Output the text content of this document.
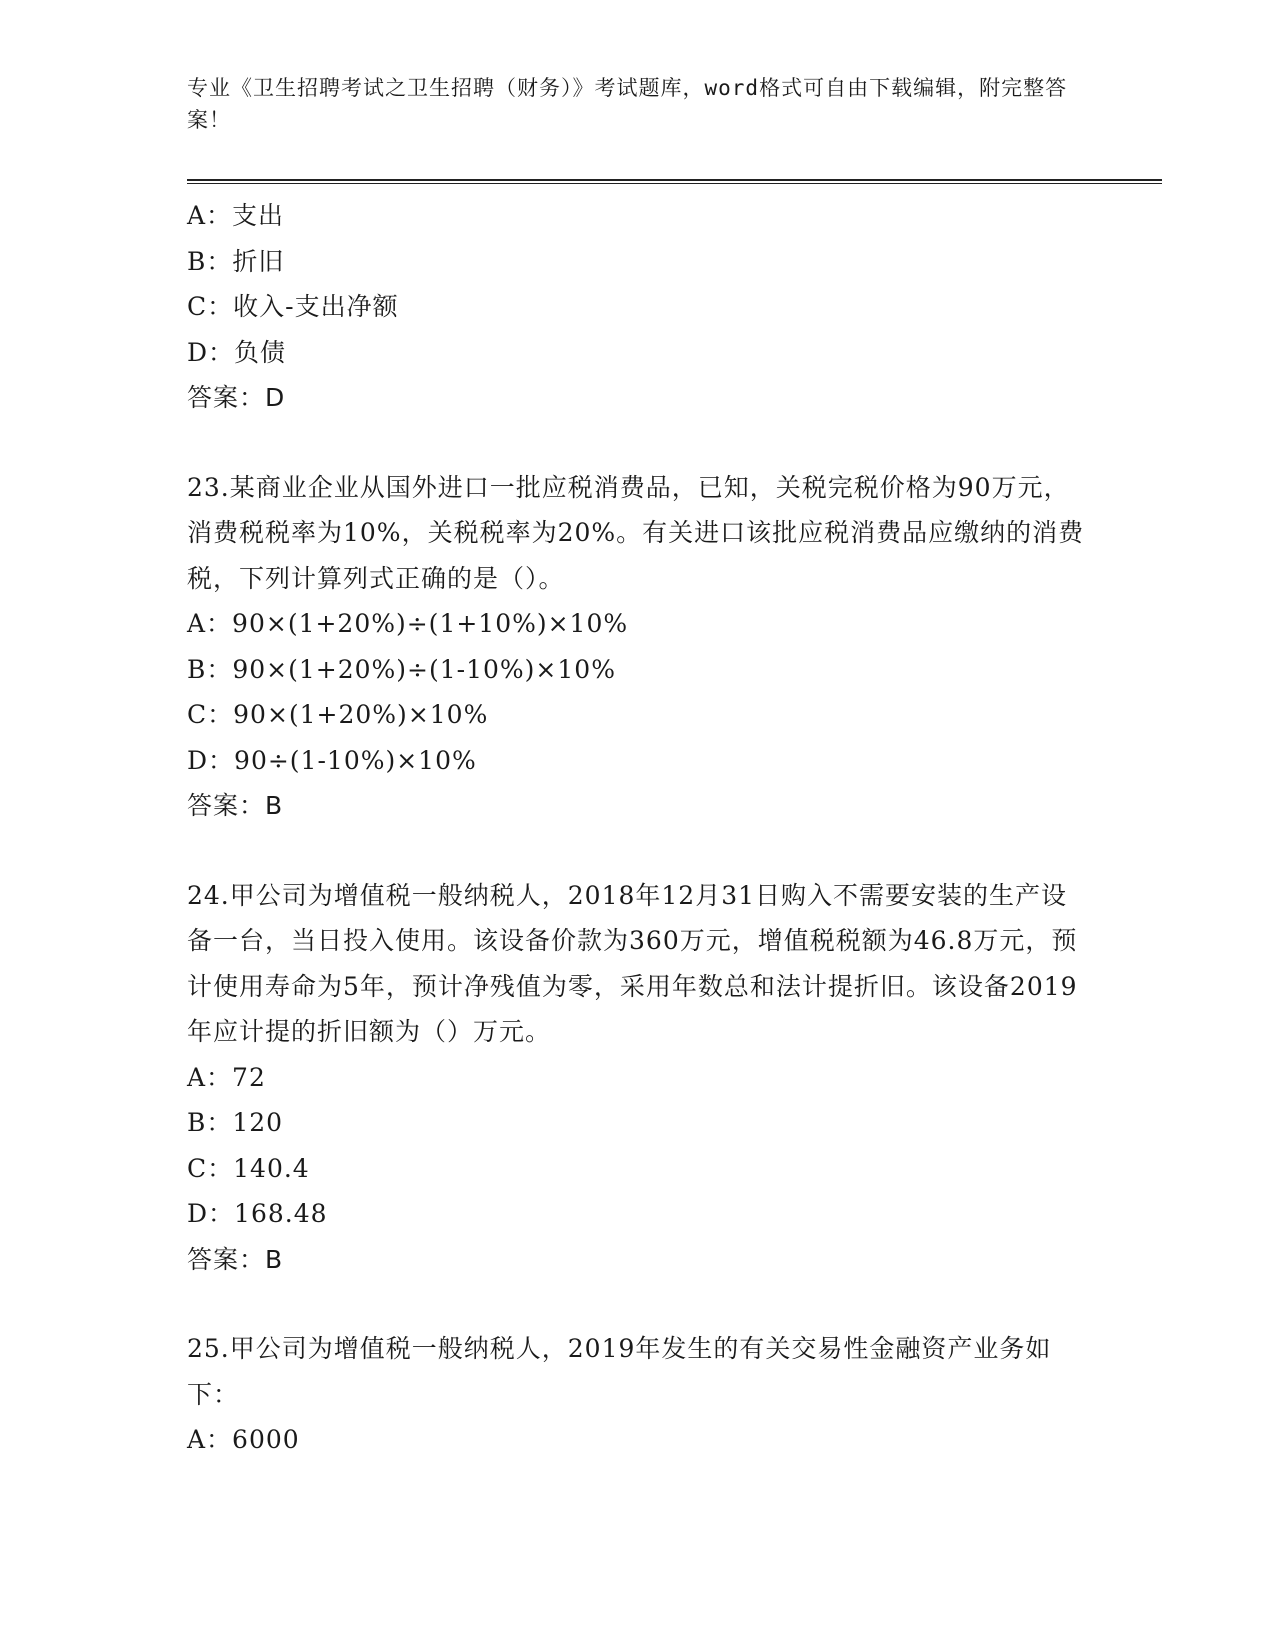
专业《卫生招聘考试之卫生招聘（财务）》考试题库，word格式可自由下载编辑，附完整答案！

A：支出

B：折旧

C：收入-支出净额

D：负债

答案：D

23.某商业企业从国外进口一批应税消费品，已知，关税完税价格为90万元，消费税税率为10%，关税税率为20%。有关进口该批应税消费品应缴纳的消费税，下列计算列式正确的是（）。

A：90×(1+20%)÷(1+10%)×10%

B：90×(1+20%)÷(1-10%)×10%

C：90×(1+20%)×10%

D：90÷(1-10%)×10%

答案：B

24.甲公司为增值税一般纳税人，2018年12月31日购入不需要安装的生产设备一台，当日投入使用。该设备价款为360万元，增值税税额为46.8万元，预计使用寿命为5年，预计净残值为零，采用年数总和法计提折旧。该设备2019年应计提的折旧额为（）万元。

A：72

B：120

C：140.4

D：168.48

答案：B

25.甲公司为增值税一般纳税人，2019年发生的有关交易性金融资产业务如下：

A：6000
